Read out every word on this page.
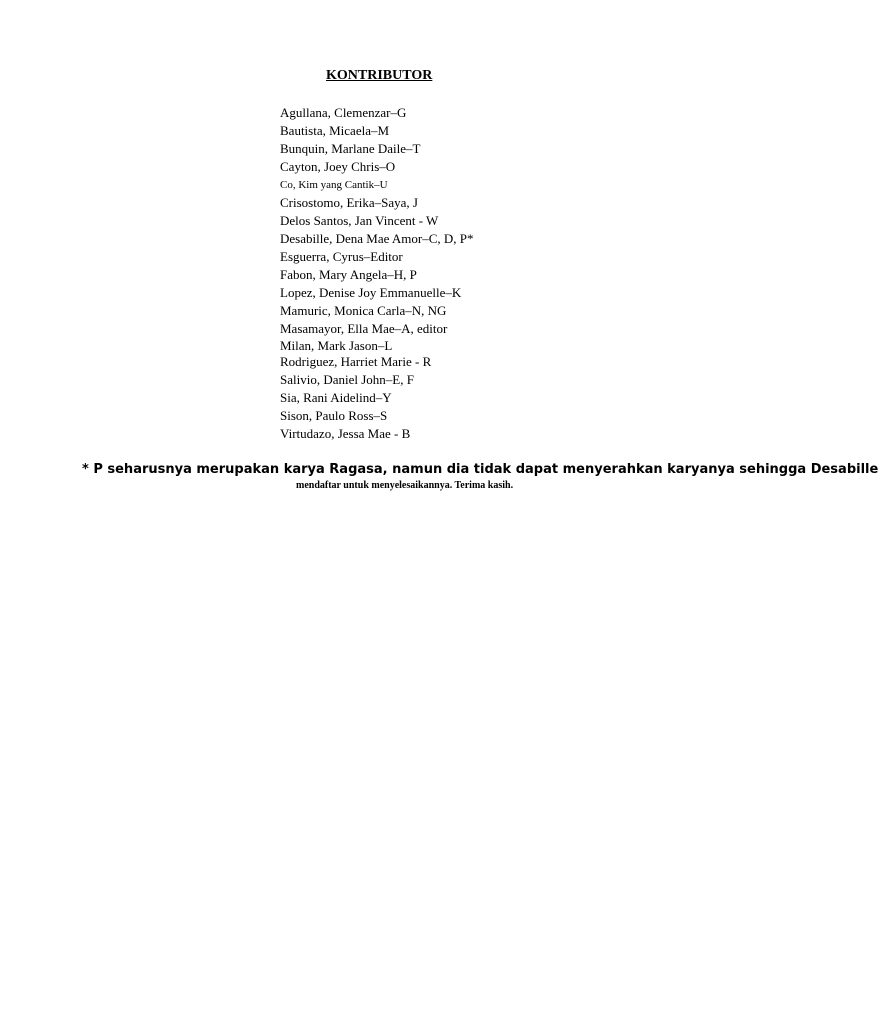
KONTRIBUTOR
Agullana, Clemenzar–G
Bautista, Micaela–M
Bunquin, Marlane Daile–T
Cayton, Joey Chris–O
Co, Kim yang Cantik–U
Crisostomo, Erika–Saya, J
Delos Santos, Jan Vincent - W
Desabille, Dena Mae Amor–C, D, P*
Esguerra, Cyrus–Editor
Fabon, Mary Angela–H, P
Lopez, Denise Joy Emmanuelle–K
Mamuric, Monica Carla–N, NG
Masamayor, Ella Mae–A, editor
Milan, Mark Jason–L
Rodriguez, Harriet Marie - R
Salivio, Daniel John–E, F
Sia, Rani Aidelind–Y
Sison, Paulo Ross–S
Virtudazo, Jessa Mae - B
* P seharusnya merupakan karya Ragasa, namun dia tidak dapat menyerahkan karyanya sehingga Desabille
mendaftar untuk menyelesaikannya. Terima kasih.
